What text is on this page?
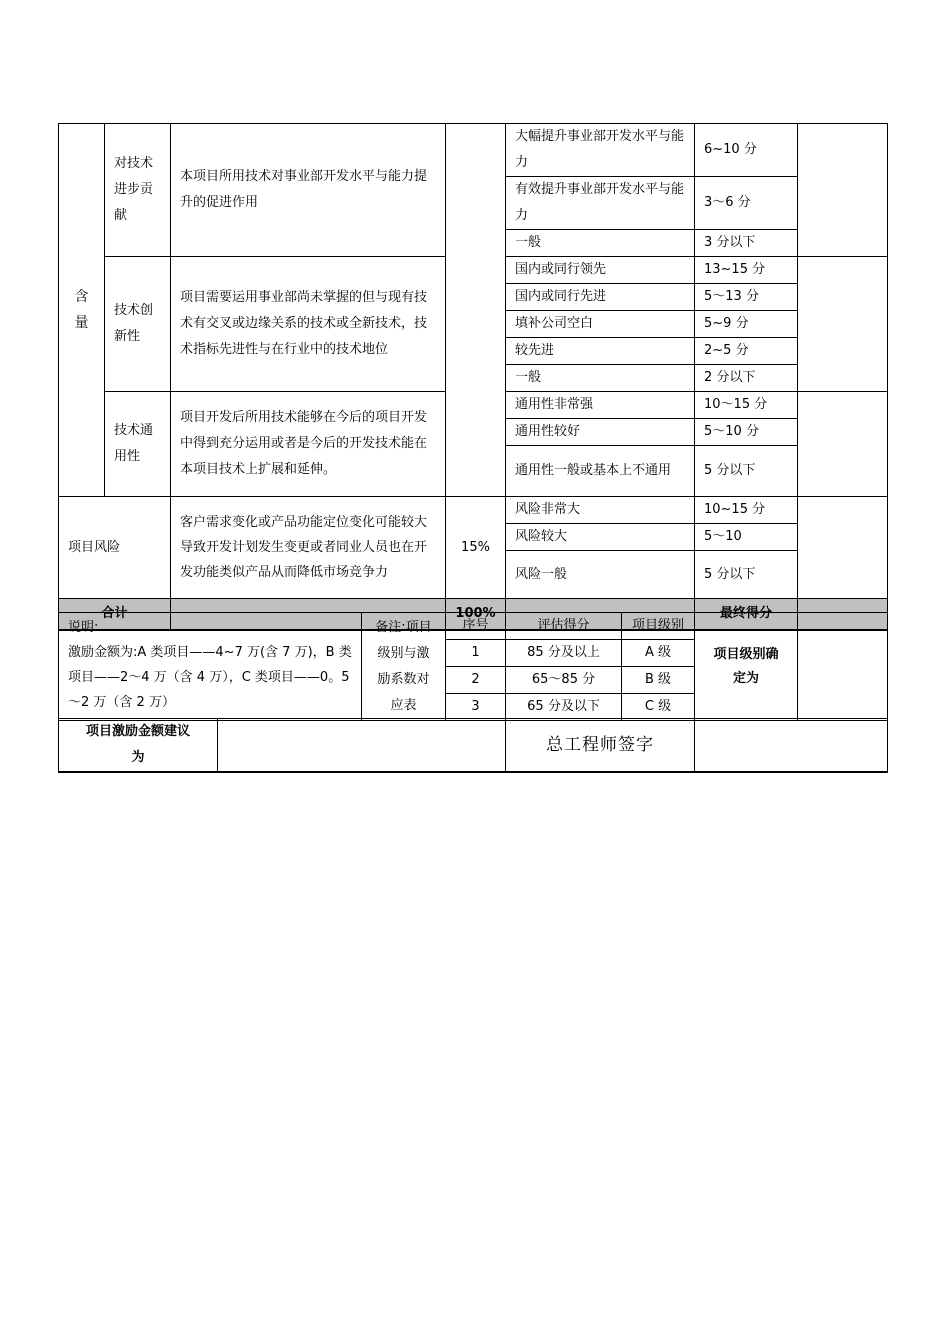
含
量	对技术进步贡献	本项目所用技术对事业部开发水平与能力提升的促进作用		大幅提升事业部开发水平与能力	6~10 分	
				有效提升事业部开发水平与能力	3～6 分	
				一般	3 分以下	
	技术创新性	项目需要运用事业部尚未掌握的但与现有技术有交叉或边缘关系的技术或全新技术，技术指标先进性与在行业中的技术地位		国内或同行领先	13~15 分	
				国内或同行先进	5～13 分	
				填补公司空白	5~9 分	
				较先进	2~5 分	
				一般	2 分以下	
	技术通用性	项目开发后所用技术能够在今后的项目开发中得到充分运用或者是今后的开发技术能在本项目技术上扩展和延伸。		通用性非常强	10～15 分	
				通用性较好	5～10 分	
				通用性一般或基本上不通用	5 分以下	
项目风险		客户需求变化或产品功能定位变化可能较大导致开发计划发生变更或者同业人员也在开发功能类似产品从而降低市场竞争力	15%	风险非常大	10~15 分	
				风险较大	5～10	
				风险一般	5 分以下	
合计			100%		最终得分	
说明:
激励金额为:A 类项目——4~7 万(含 7 万)，B 类项目——2～4 万（含 4 万），C 类项目——0。5～2 万（含 2 万）	备注:项目级别与激励系数对应表	序号	评估得分	项目级别	项目级别确定为	
		1	85 分及以上	A 级		
		2	65～85 分	B 级		
		3	65 分及以下	C 级		
项目激励金额建议为		总工程师签字	
